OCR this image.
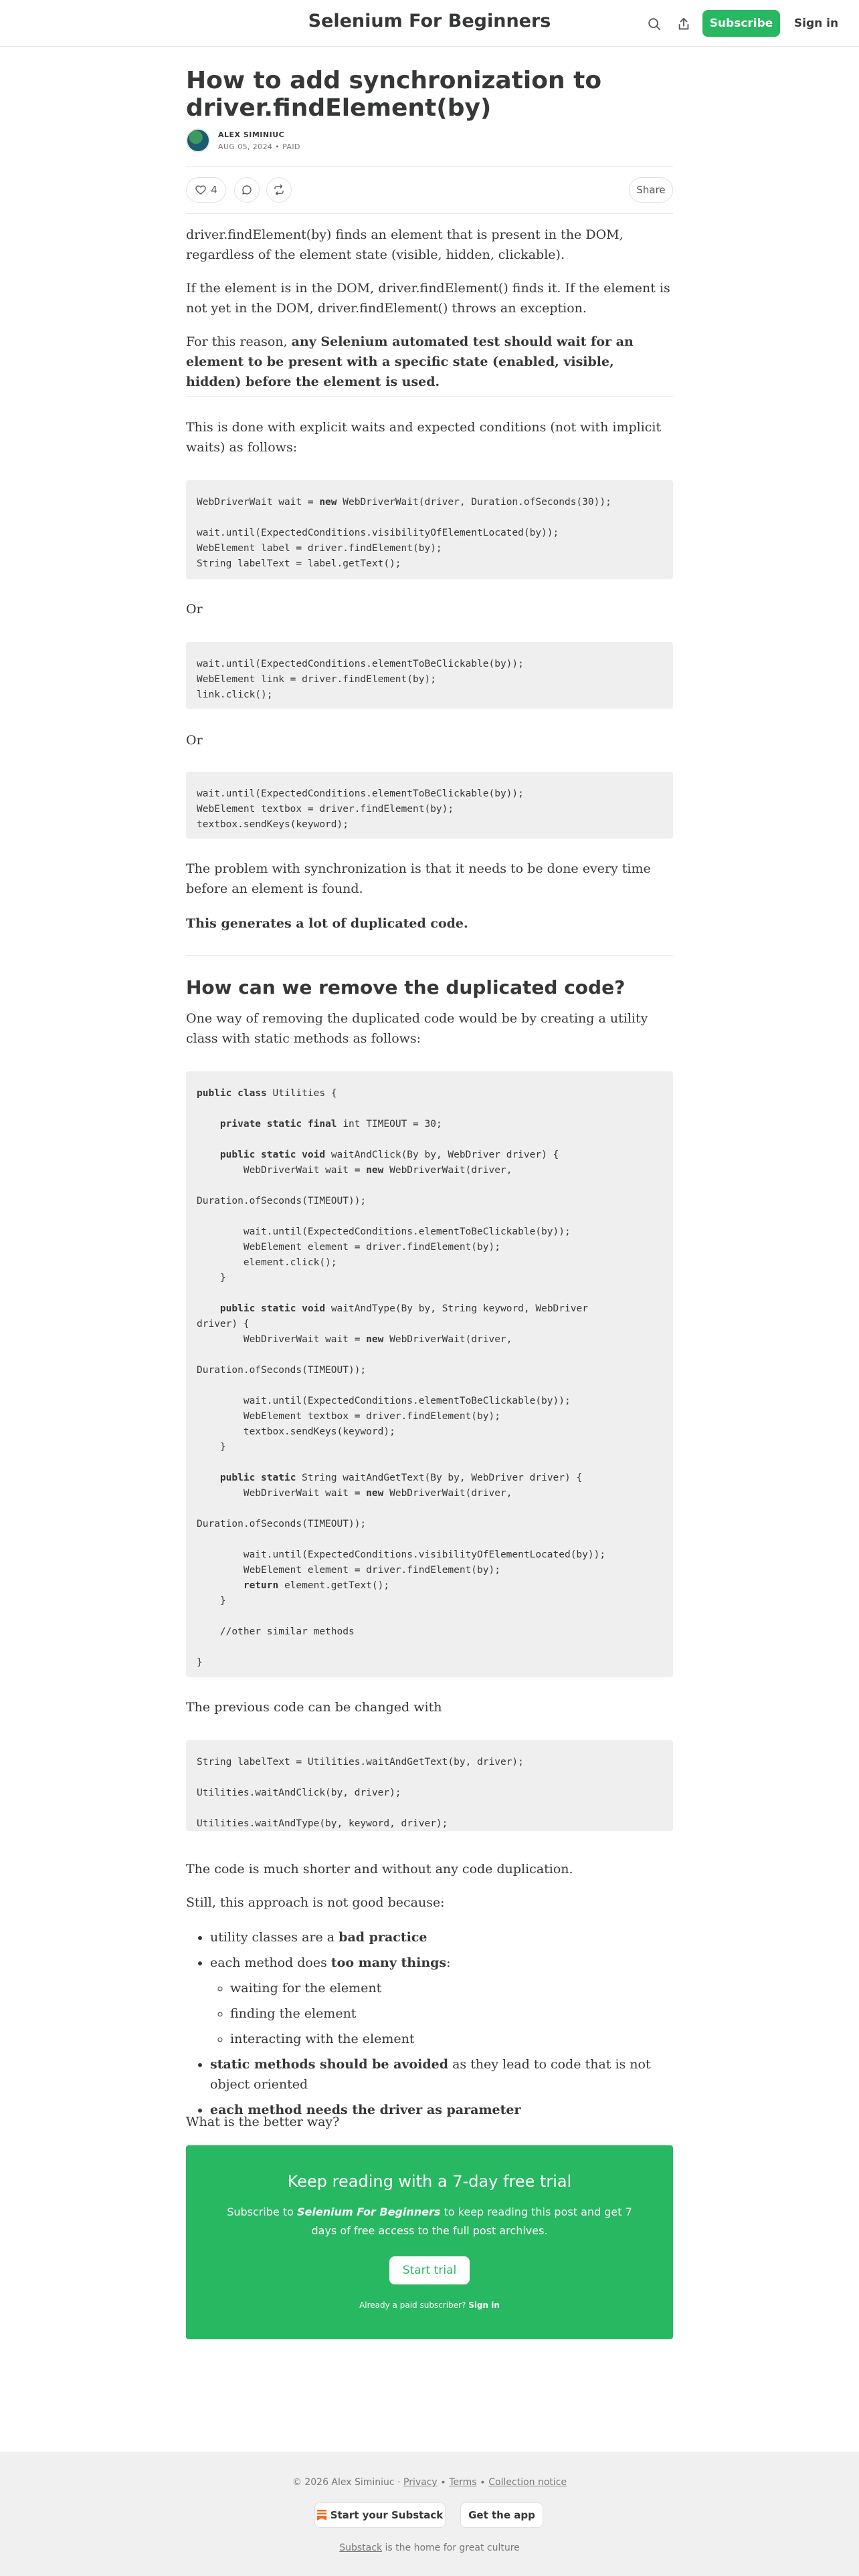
Selenium For Beginners	Subscribe	Sign in
How to add synchronization to driver.findElement(by)
ALEX SIMINIUC
AUG 05, 2024 • PAID
4	Share

driver.findElement(by) finds an element that is present in the DOM, regardless of the element state (visible, hidden, clickable).

If the element is in the DOM, driver.findElement() finds it. If the element is not yet in the DOM, driver.findElement() throws an exception.

For this reason, any Selenium automated test should wait for an element to be present with a specific state (enabled, visible, hidden) before the element is used.

This is done with explicit waits and expected conditions (not with implicit waits) as follows:

WebDriverWait wait = new WebDriverWait(driver, Duration.ofSeconds(30));

wait.until(ExpectedConditions.visibilityOfElementLocated(by));
WebElement label = driver.findElement(by);
String labelText = label.getText();

Or

wait.until(ExpectedConditions.elementToBeClickable(by));
WebElement link = driver.findElement(by);
link.click();

Or

wait.until(ExpectedConditions.elementToBeClickable(by));
WebElement textbox = driver.findElement(by);
textbox.sendKeys(keyword);

The problem with synchronization is that it needs to be done every time before an element is found.

This generates a lot of duplicated code.

How can we remove the duplicated code?

One way of removing the duplicated code would be by creating a utility class with static methods as follows:

public class Utilities {

private static final int TIMEOUT = 30;

public static void waitAndClick(By by, WebDriver driver) {
WebDriverWait wait = new WebDriverWait(driver,

Duration.ofSeconds(TIMEOUT));

wait.until(ExpectedConditions.elementToBeClickable(by));
WebElement element = driver.findElement(by);
element.click();
}

public static void waitAndType(By by, String keyword, WebDriver
driver) {
WebDriverWait wait = new WebDriverWait(driver,

Duration.ofSeconds(TIMEOUT));

wait.until(ExpectedConditions.elementToBeClickable(by));
WebElement textbox = driver.findElement(by);
textbox.sendKeys(keyword);
}

public static String waitAndGetText(By by, WebDriver driver) {
WebDriverWait wait = new WebDriverWait(driver,

Duration.ofSeconds(TIMEOUT));

wait.until(ExpectedConditions.visibilityOfElementLocated(by));
WebElement element = driver.findElement(by);
return element.getText();
}

//other similar methods

}

The previous code can be changed with

String labelText = Utilities.waitAndGetText(by, driver);

Utilities.waitAndClick(by, driver);

Utilities.waitAndType(by, keyword, driver);

The code is much shorter and without any code duplication.

Still, this approach is not good because:

• utility classes are a bad practice
• each method does too many things:
◦ waiting for the element
◦ finding the element
◦ interacting with the element
• static methods should be avoided as they lead to code that is not object oriented
• each method needs the driver as parameter

What is the better way?

Keep reading with a 7-day free trial
Subscribe to Selenium For Beginners to keep reading this post and get 7 days of free access to the full post archives.
Start trial
Already a paid subscriber? Sign in
© 2026 Alex Siminiuc · Privacy ∙ Terms ∙ Collection notice
Start your Substack	Get the app
Substack is the home for great culture
